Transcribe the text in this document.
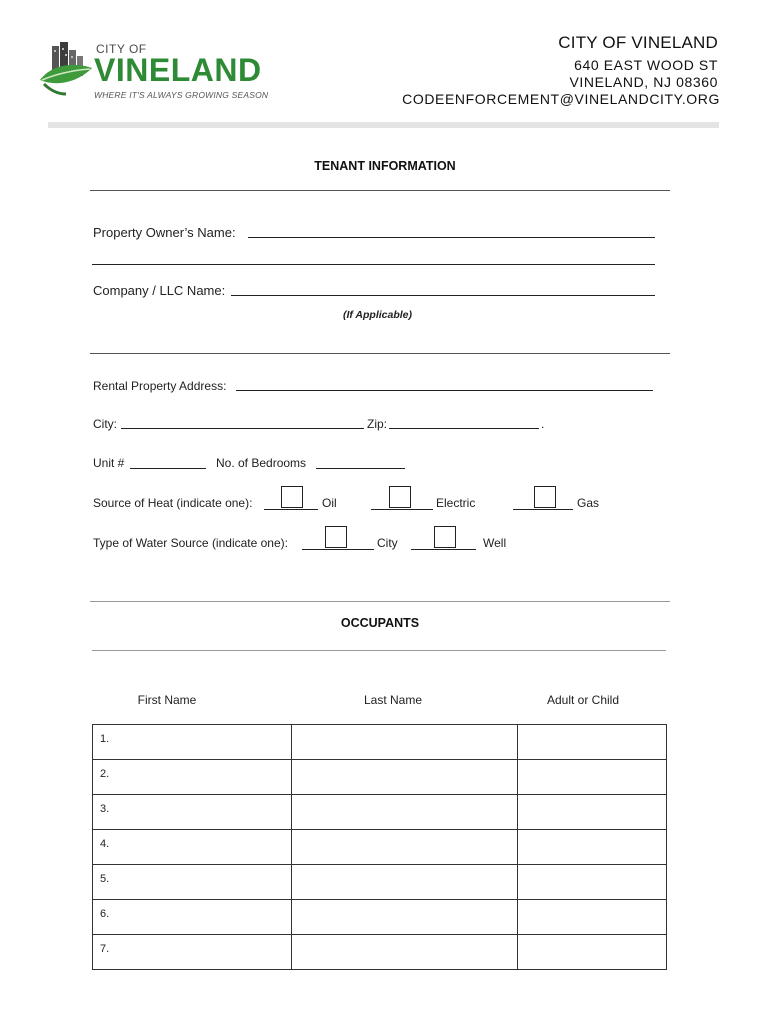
CITY OF
VINELAND
WHERE IT'S ALWAYS GROWING SEASON
CITY OF VINELAND
640 EAST WOOD ST
VINELAND, NJ 08360
CODEENFORCEMENT@VINELANDCITY.ORG
TENANT INFORMATION
Property Owner’s Name:
Company / LLC Name:
(If Applicable)
Rental Property Address:
City:	Zip:	.
Unit #	No. of Bedrooms
Source of Heat (indicate one):	Oil	Electric	Gas
Type of Water Source (indicate one):	City	Well
OCCUPANTS
First Name	Last Name	Adult or Child
1.		
2.		
3.		
4.		
5.		
6.		
7.		
